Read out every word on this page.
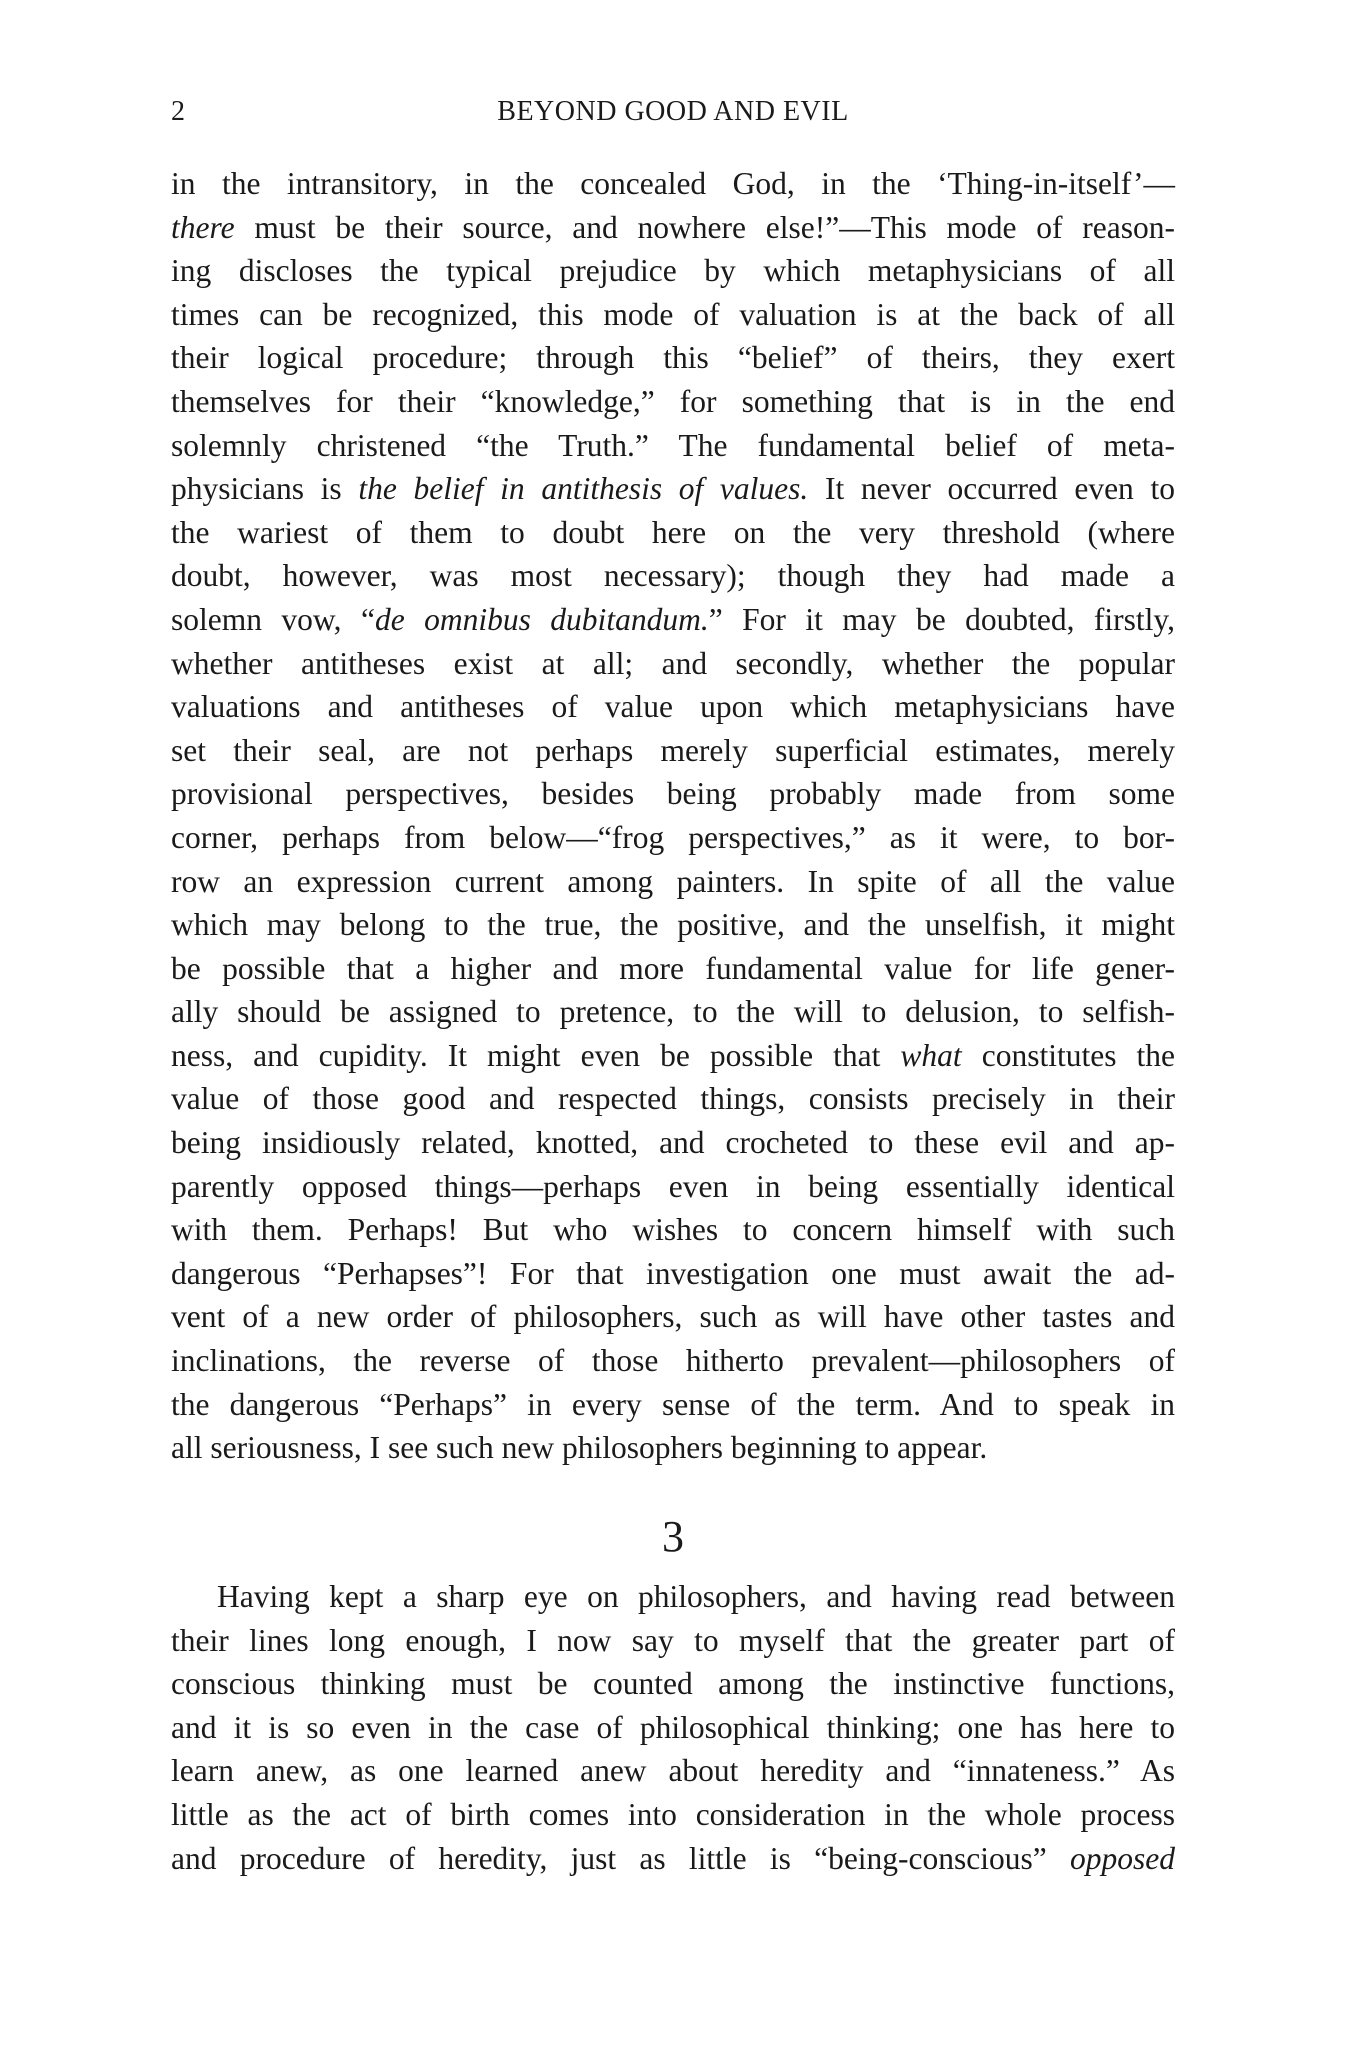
2	BEYOND GOOD AND EVIL
in the intransitory, in the concealed God, in the ‘Thing-in-itself’—
there must be their source, and nowhere else!”—This mode of reason-
ing discloses the typical prejudice by which metaphysicians of all
times can be recognized, this mode of valuation is at the back of all
their logical procedure; through this “belief” of theirs, they exert
themselves for their “knowledge,” for something that is in the end
solemnly christened “the Truth.” The fundamental belief of meta-
physicians is the belief in antithesis of values. It never occurred even to
the wariest of them to doubt here on the very threshold (where
doubt, however, was most necessary); though they had made a
solemn vow, “de omnibus dubitandum.” For it may be doubted, firstly,
whether antitheses exist at all; and secondly, whether the popular
valuations and antitheses of value upon which metaphysicians have
set their seal, are not perhaps merely superficial estimates, merely
provisional perspectives, besides being probably made from some
corner, perhaps from below—“frog perspectives,” as it were, to bor-
row an expression current among painters. In spite of all the value
which may belong to the true, the positive, and the unselfish, it might
be possible that a higher and more fundamental value for life gener-
ally should be assigned to pretence, to the will to delusion, to selfish-
ness, and cupidity. It might even be possible that what constitutes the
value of those good and respected things, consists precisely in their
being insidiously related, knotted, and crocheted to these evil and ap-
parently opposed things—perhaps even in being essentially identical
with them. Perhaps! But who wishes to concern himself with such
dangerous “Perhapses”! For that investigation one must await the ad-
vent of a new order of philosophers, such as will have other tastes and
inclinations, the reverse of those hitherto prevalent—philosophers of
the dangerous “Perhaps” in every sense of the term. And to speak in
all seriousness, I see such new philosophers beginning to appear.
3
Having kept a sharp eye on philosophers, and having read between
their lines long enough, I now say to myself that the greater part of
conscious thinking must be counted among the instinctive functions,
and it is so even in the case of philosophical thinking; one has here to
learn anew, as one learned anew about heredity and “innateness.” As
little as the act of birth comes into consideration in the whole process
and procedure of heredity, just as little is “being-conscious” opposed
